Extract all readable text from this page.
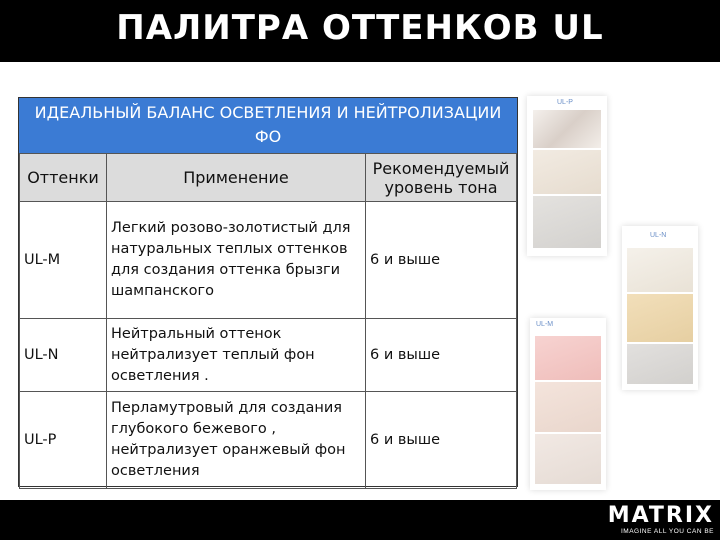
ПАЛИТРА ОТТЕНКОВ UL
ИДЕАЛЬНЫЙ БАЛАНС ОСВЕТЛЕНИЯ И НЕЙТРОЛИЗАЦИИ ФО
Оттенки	Применение	Рекомендуемый уровень тона
UL-M	Легкий розово-золотистый для натуральных теплых оттенков для создания оттенка брызги шампанского	6 и выше
UL-N	Нейтральный оттенок нейтрализует теплый фон осветления .	6 и выше
UL-P	Перламутровый для создания глубокого бежевого , нейтрализует оранжевый фон осветления	6 и выше
UL-P
UL-N
UL-M
MATRIX
IMAGINE ALL YOU CAN BE
